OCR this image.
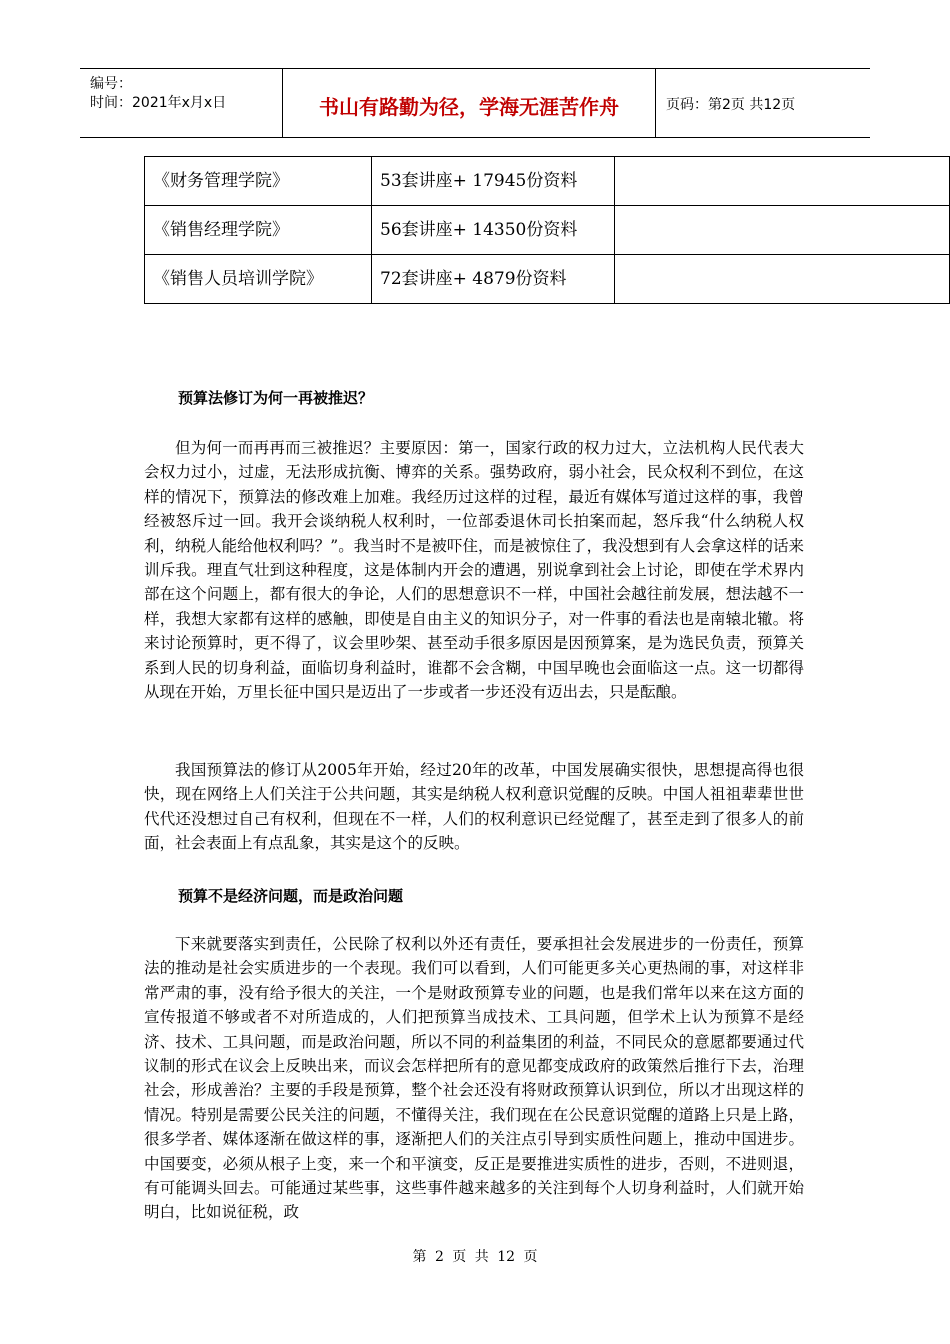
编号：
时间：2021年x月x日	书山有路勤为径，学海无涯苦作舟	页码：第2页 共12页
《财务管理学院》	53套讲座+ 17945份资料	
《销售经理学院》	56套讲座+ 14350份资料	
《销售人员培训学院》	72套讲座+ 4879份资料	
预算法修订为何一再被推迟？

但为何一而再再而三被推迟？主要原因：第一，国家行政的权力过大，立法机构人民代表大会权力过小，过虚，无法形成抗衡、博弈的关系。强势政府，弱小社会，民众权利不到位，在这样的情况下，预算法的修改难上加难。我经历过这样的过程，最近有媒体写道过这样的事，我曾经被怒斥过一回。我开会谈纳税人权利时，一位部委退休司长拍案而起，怒斥我“什么纳税人权利，纳税人能给他权利吗？”。我当时不是被吓住，而是被惊住了，我没想到有人会拿这样的话来训斥我。理直气壮到这种程度，这是体制内开会的遭遇，别说拿到社会上讨论，即使在学术界内部在这个问题上，都有很大的争论，人们的思想意识不一样，中国社会越往前发展，想法越不一样，我想大家都有这样的感触，即使是自由主义的知识分子，对一件事的看法也是南辕北辙。将来讨论预算时，更不得了，议会里吵架、甚至动手很多原因是因预算案，是为选民负责，预算关系到人民的切身利益，面临切身利益时，谁都不会含糊，中国早晚也会面临这一点。这一切都得从现在开始，万里长征中国只是迈出了一步或者一步还没有迈出去，只是酝酿。

我国预算法的修订从2005年开始，经过20年的改革，中国发展确实很快，思想提高得也很快，现在网络上人们关注于公共问题，其实是纳税人权利意识觉醒的反映。中国人祖祖辈辈世世代代还没想过自己有权利，但现在不一样，人们的权利意识已经觉醒了，甚至走到了很多人的前面，社会表面上有点乱象，其实是这个的反映。

预算不是经济问题，而是政治问题

下来就要落实到责任，公民除了权利以外还有责任，要承担社会发展进步的一份责任，预算法的推动是社会实质进步的一个表现。我们可以看到，人们可能更多关心更热闹的事，对这样非常严肃的事，没有给予很大的关注，一个是财政预算专业的问题，也是我们常年以来在这方面的宣传报道不够或者不对所造成的，人们把预算当成技术、工具问题，但学术上认为预算不是经济、技术、工具问题，而是政治问题，所以不同的利益集团的利益，不同民众的意愿都要通过代议制的形式在议会上反映出来，而议会怎样把所有的意见都变成政府的政策然后推行下去，治理社会，形成善治？主要的手段是预算，整个社会还没有将财政预算认识到位，所以才出现这样的情况。特别是需要公民关注的问题，不懂得关注，我们现在在公民意识觉醒的道路上只是上路，很多学者、媒体逐渐在做这样的事，逐渐把人们的关注点引导到实质性问题上，推动中国进步。中国要变，必须从根子上变，来一个和平演变，反正是要推进实质性的进步，否则，不进则退，有可能调头回去。可能通过某些事，这些事件越来越多的关注到每个人切身利益时，人们就开始明白，比如说征税，政

第 2 页 共 12 页
